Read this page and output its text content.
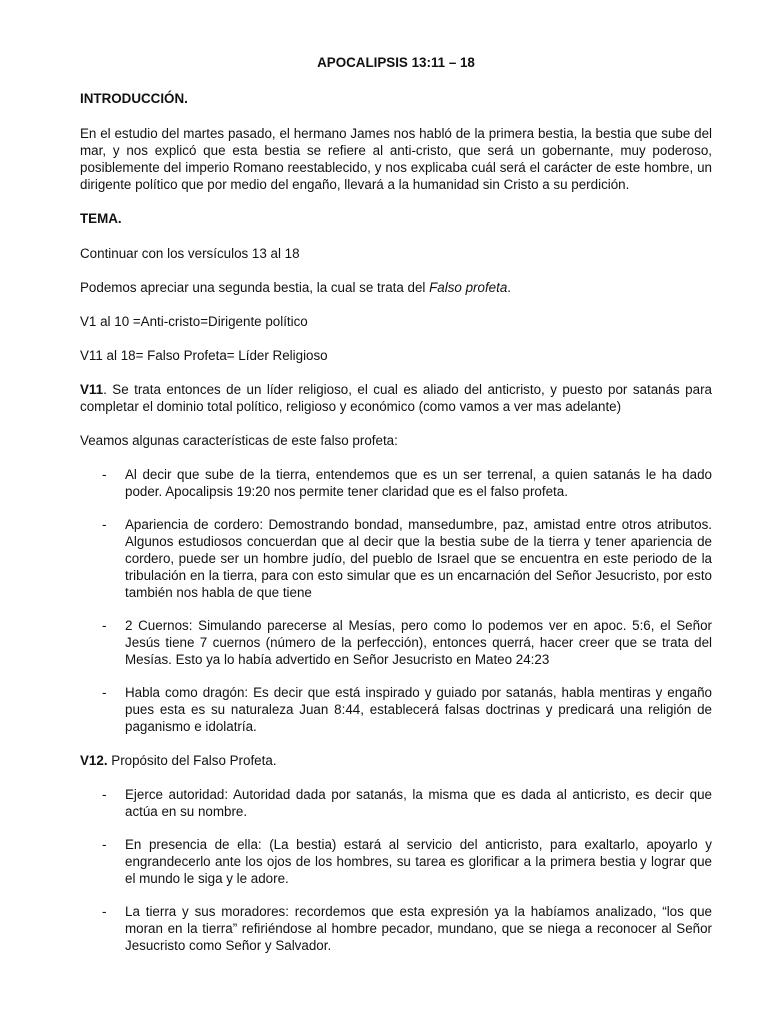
APOCALIPSIS 13:11 – 18
INTRODUCCIÓN.

En el estudio del martes pasado, el hermano James nos habló de la primera bestia, la bestia que sube del mar, y nos explicó que esta bestia se refiere al anti-cristo, que será un gobernante, muy poderoso, posiblemente del imperio Romano reestablecido, y nos explicaba cuál será el carácter de este hombre, un dirigente político que por medio del engaño, llevará a la humanidad sin Cristo a su perdición.

TEMA.

Continuar con los versículos 13 al 18

Podemos apreciar una segunda bestia, la cual se trata del Falso profeta.

V1 al 10 =Anti-cristo=Dirigente político

V11 al 18= Falso Profeta= Líder Religioso

V11. Se trata entonces de un líder religioso, el cual es aliado del anticristo, y puesto por satanás para completar el dominio total político, religioso y económico (como vamos a ver mas adelante)

Veamos algunas características de este falso profeta:

-	Al decir que sube de la tierra, entendemos que es un ser terrenal, a quien satanás le ha dado poder. Apocalipsis 19:20 nos permite tener claridad que es el falso profeta.
-	Apariencia de cordero: Demostrando bondad, mansedumbre, paz, amistad entre otros atributos. Algunos estudiosos concuerdan que al decir que la bestia sube de la tierra y tener apariencia de cordero, puede ser un hombre judío, del pueblo de Israel que se encuentra en este periodo de la tribulación en la tierra, para con esto simular que es un encarnación del Señor Jesucristo, por esto también nos habla de que tiene
-	2 Cuernos: Simulando parecerse al Mesías, pero como lo podemos ver en apoc. 5:6, el Señor Jesús tiene 7 cuernos (número de la perfección), entonces querrá, hacer creer que se trata del Mesías. Esto ya lo había advertido en Señor Jesucristo en Mateo 24:23
-	Habla como dragón: Es decir que está inspirado y guiado por satanás, habla mentiras y engaño pues esta es su naturaleza Juan 8:44, establecerá falsas doctrinas y predicará una religión de paganismo e idolatría.

V12. Propósito del Falso Profeta.

-	Ejerce autoridad: Autoridad dada por satanás, la misma que es dada al anticristo, es decir que actúa en su nombre.
-	En presencia de ella: (La bestia) estará al servicio del anticristo, para exaltarlo, apoyarlo y engrandecerlo ante los ojos de los hombres, su tarea es glorificar a la primera bestia y lograr que el mundo le siga y le adore.
-	La tierra y sus moradores: recordemos que esta expresión ya la habíamos analizado, “los que moran en la tierra” refiriéndose al hombre pecador, mundano, que se niega a reconocer al Señor Jesucristo como Señor y Salvador.
